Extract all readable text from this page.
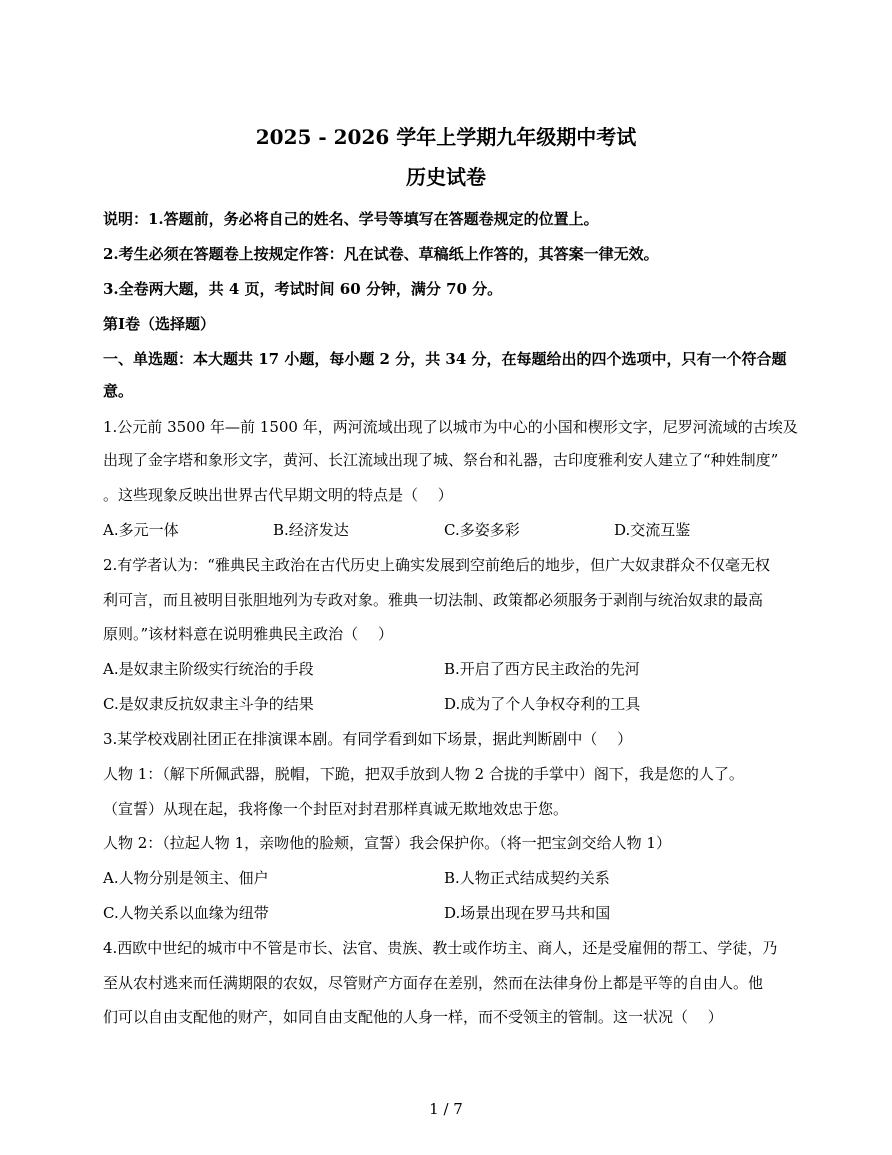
2025 - 2026 学年上学期九年级期中考试
历史试卷
说明：1.答题前，务必将自己的姓名、学号等填写在答题卷规定的位置上。
2.考生必须在答题卷上按规定作答：凡在试卷、草稿纸上作答的，其答案一律无效。
3.全卷两大题，共 4 页，考试时间 60 分钟，满分 70 分。
第Ⅰ卷（选择题）
一、单选题：本大题共 17 小题，每小题 2 分，共 34 分，在每题给出的四个选项中，只有一个符合题
意。
1.公元前 3500 年—前 1500 年，两河流域出现了以城市为中心的小国和楔形文字，尼罗河流域的古埃及
出现了金字塔和象形文字，黄河、长江流域出现了城、祭台和礼器，古印度雅利安人建立了“种姓制度”
。这些现象反映出世界古代早期文明的特点是（　 ）
A.多元一体	B.经济发达	C.多姿多彩	D.交流互鉴
2.有学者认为：“雅典民主政治在古代历史上确实发展到空前绝后的地步，但广大奴隶群众不仅毫无权
利可言，而且被明目张胆地列为专政对象。雅典一切法制、政策都必须服务于剥削与统治奴隶的最高
原则。”该材料意在说明雅典民主政治（　 ）
A.是奴隶主阶级实行统治的手段	B.开启了西方民主政治的先河
C.是奴隶反抗奴隶主斗争的结果	D.成为了个人争权夺利的工具
3.某学校戏剧社团正在排演课本剧。有同学看到如下场景，据此判断剧中（　 ）
人物 1：（解下所佩武器，脱帽，下跪，把双手放到人物 2 合拢的手掌中）阁下，我是您的人了。
（宣誓）从现在起，我将像一个封臣对封君那样真诚无欺地效忠于您。
人物 2：（拉起人物 1，亲吻他的脸颊，宣誓）我会保护你。（将一把宝剑交给人物 1）
A.人物分别是领主、佃户	B.人物正式结成契约关系
C.人物关系以血缘为纽带	D.场景出现在罗马共和国
4.西欧中世纪的城市中不管是市长、法官、贵族、教士或作坊主、商人，还是受雇佣的帮工、学徒，乃
至从农村逃来而任满期限的农奴，尽管财产方面存在差别，然而在法律身份上都是平等的自由人。他
们可以自由支配他的财产，如同自由支配他的人身一样，而不受领主的管制。这一状况（　 ）
1 / 7
